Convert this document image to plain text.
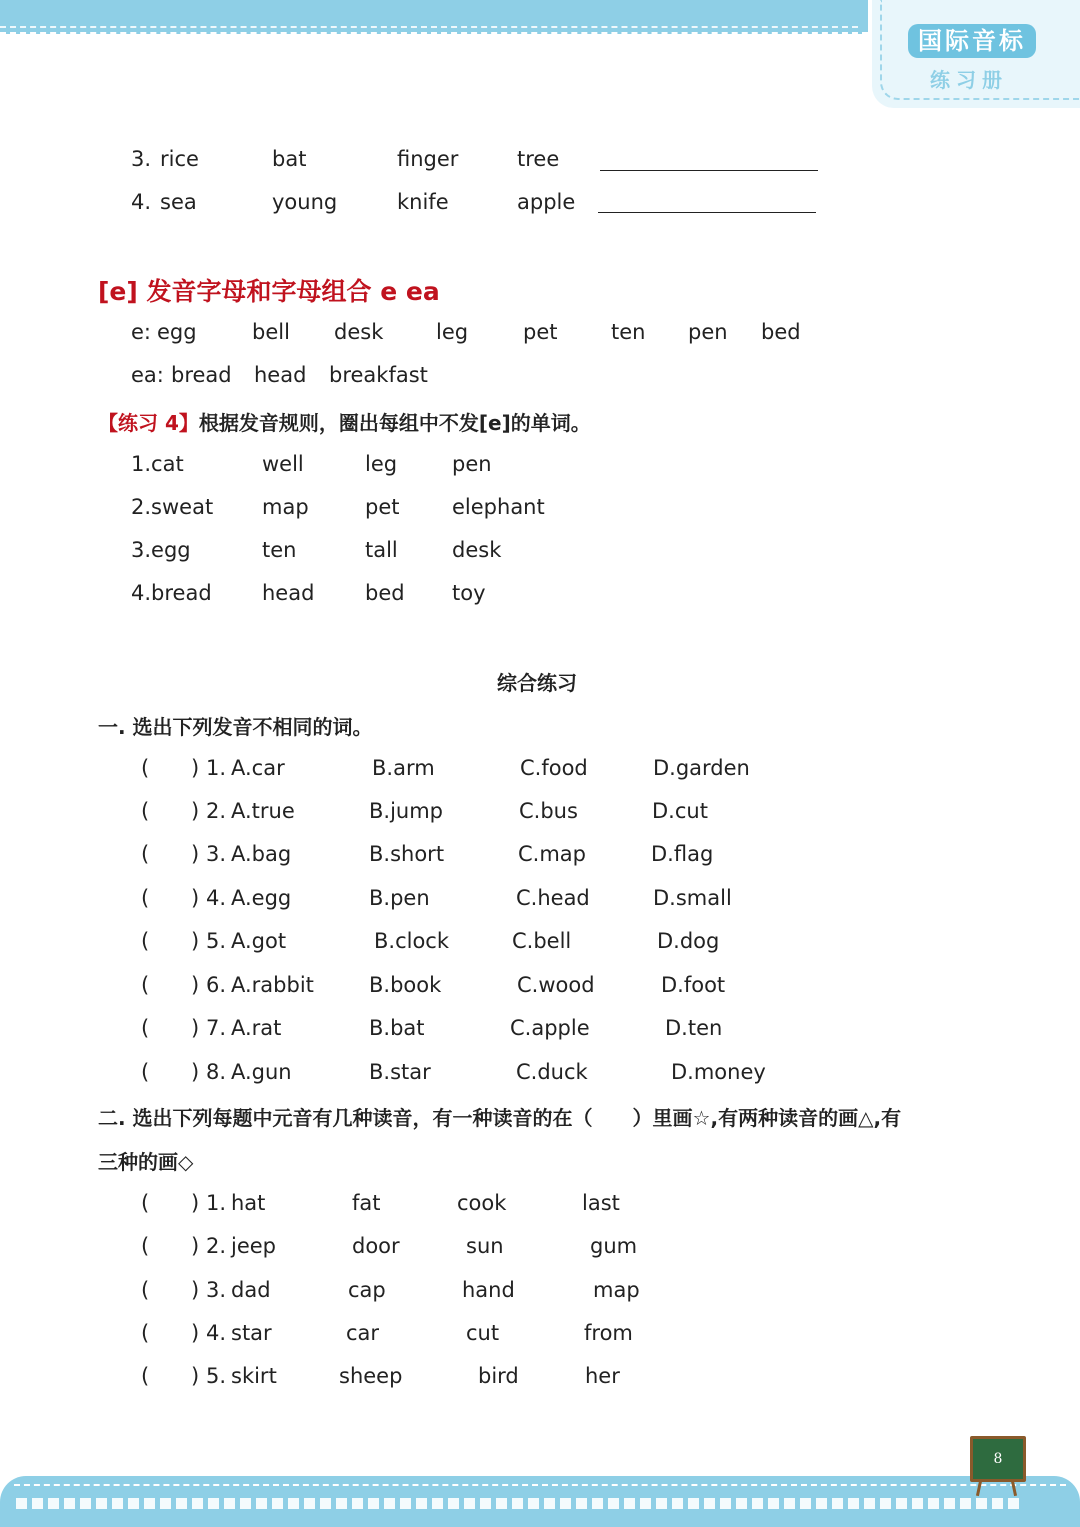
国际音标
练习册
3. rice	bat	finger	tree
4. sea	young	knife	apple
[e] 发音字母和字母组合 e ea
e: egg	bell desk	leg	pet	ten pen bed
ea: bread head breakfast
【练习 4】根据发音规则，圈出每组中不发[e]的单词。
1.cat	well	leg	pen
2.sweat map	pet	elephant
3.egg	ten	tall	desk
4.bread head bed toy
综合练习
一. 选出下列发音不相同的词。
( ) 1. A.car	B.arm	C.food	D.garden
( ) 2. A.true	B.jump	C.bus	D.cut
( ) 3. A.bag	B.short	C.map	D.flag
( ) 4. A.egg	B.pen	C.head	D.small
( ) 5. A.got	B.clock	C.bell	D.dog
( ) 6. A.rabbit	B.book	C.wood	D.foot
( ) 7. A.rat	B.bat	C.apple	D.ten
( ) 8. A.gun	B.star	C.duck	D.money
二. 选出下列每题中元音有几种读音，有一种读音的在（　　）里画☆,有两种读音的画△,有
三种的画◇
( ) 1. hat	fat	cook	last
( ) 2. jeep	door	sun	gum
( ) 3. dad	cap	hand	map
( ) 4. star	car	cut	from
( ) 5. skirt	sheep	bird	her
8
